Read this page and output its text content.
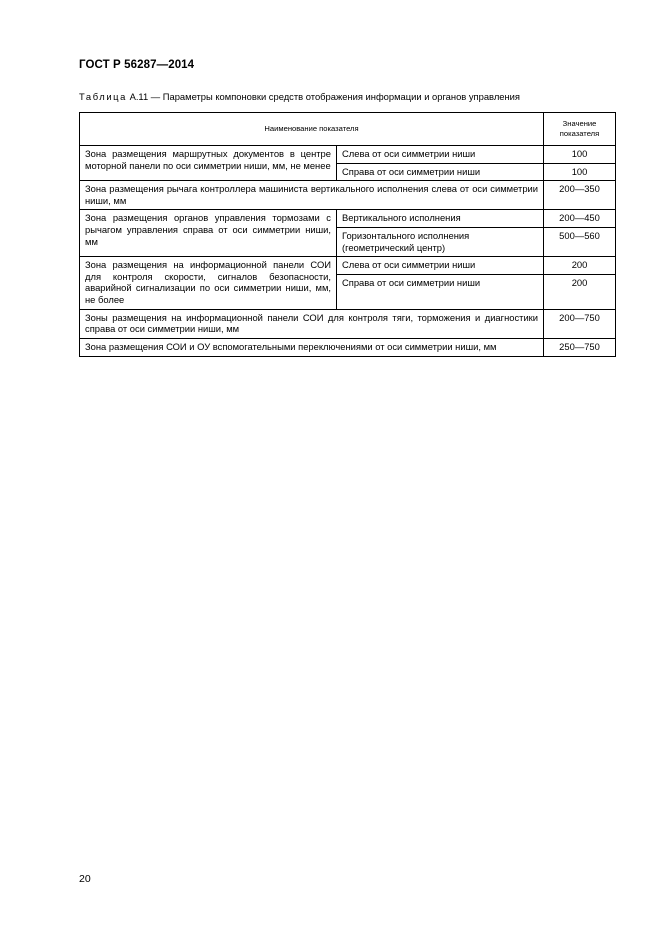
ГОСТ Р 56287—2014
Таблица А.11 — Параметры компоновки средств отображения информации и органов управления
Наименование показателя		Значение показателя
Зона размещения маршрутных документов в центре моторной панели по оси симметрии ниши, мм, не менее	Слева от оси симметрии ниши	100
	Справа от оси симметрии ниши	100
Зона размещения рычага контроллера машиниста вертикального исполнения слева от оси симметрии ниши, мм		200—350
Зона размещения органов управления тормозами с рычагом управления справа от оси симметрии ниши, мм	Вертикального исполнения	200—450
	Горизонтального исполнения (геометрический центр)	500—560
Зона размещения на информационной панели СОИ для контроля скорости, сигналов безопасности, аварийной сигнализации по оси симметрии ниши, мм, не более	Слева от оси симметрии ниши	200
	Справа от оси симметрии ниши	200
Зоны размещения на информационной панели СОИ для контроля тяги, торможения и диагностики справа от оси симметрии ниши, мм		200—750
Зона размещения СОИ и ОУ вспомогательными переключениями от оси симметрии ниши, мм		250—750
20
